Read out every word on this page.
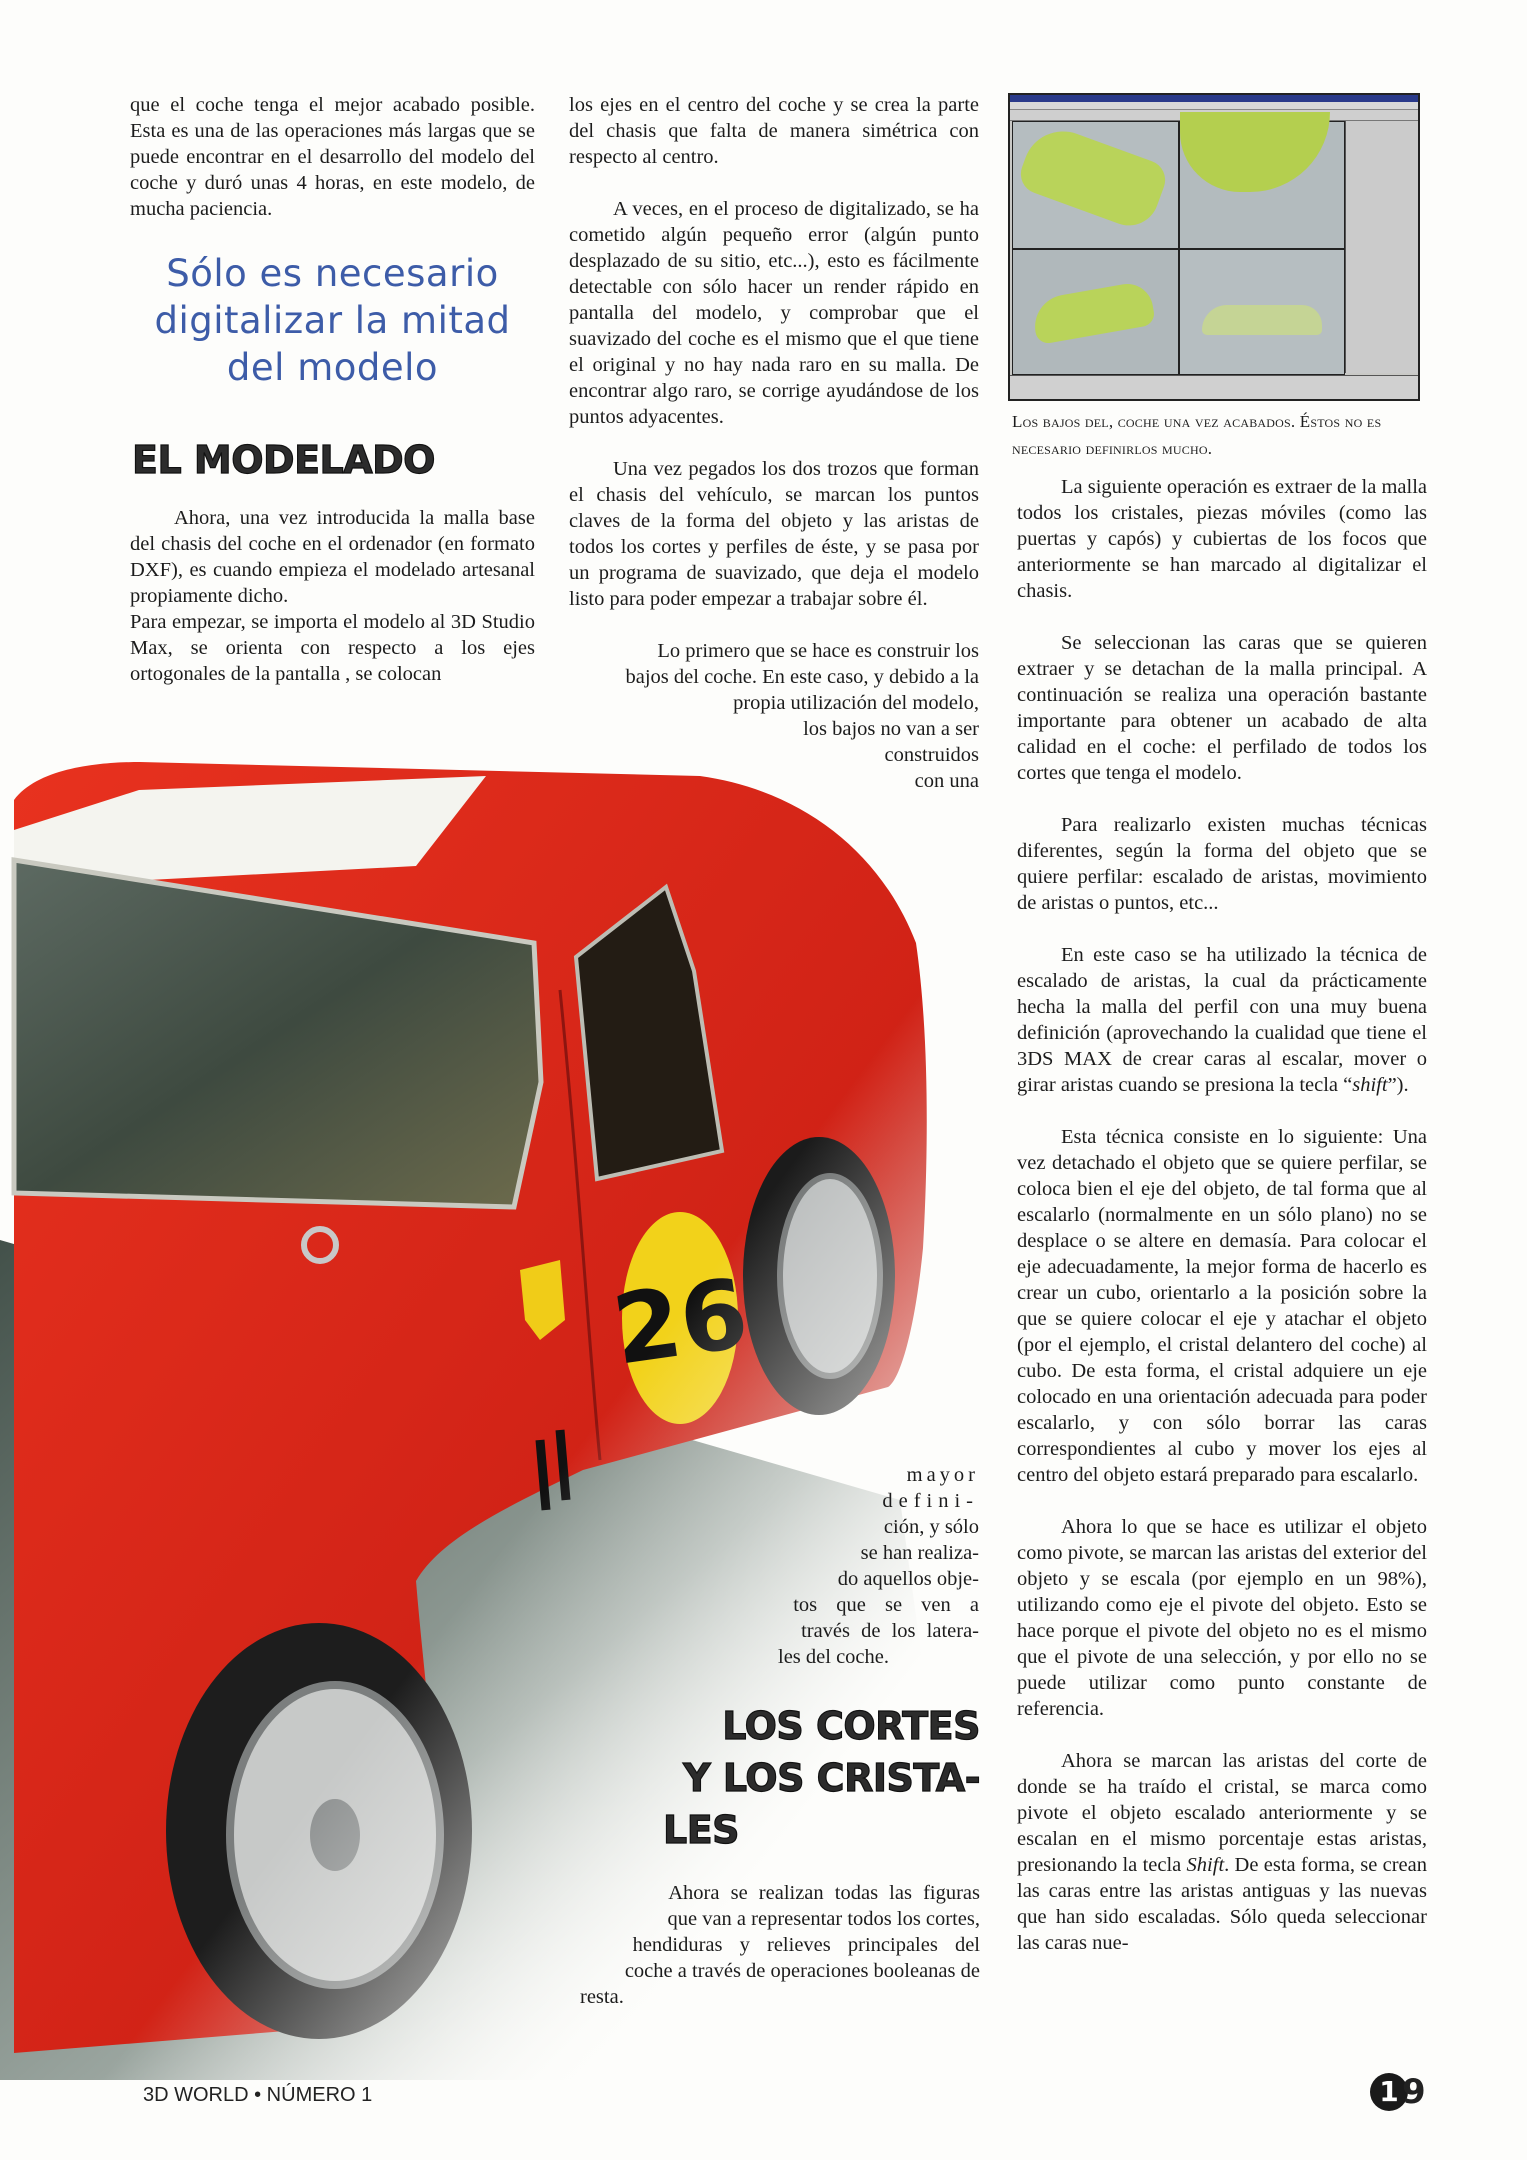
que el coche tenga el mejor acabado posible. Esta es una de las operaciones más largas que se puede encontrar en el desarrollo del modelo del coche y duró unas 4 horas, en este modelo, de mucha paciencia.

Sólo es necesario
digitalizar la mitad
del modelo
EL MODELADO

Ahora, una vez introducida la malla base del chasis del coche en el ordenador (en formato DXF), es cuando empieza el modelado artesanal propiamente dicho.

Para empezar, se importa el modelo al 3D Studio Max, se orienta con respecto a los ejes ortogonales de la pantalla , se colocan

los ejes en el centro del coche y se crea la parte del chasis que falta de manera simétrica con respecto al centro.

A veces, en el proceso de digitalizado, se ha cometido algún pequeño error (algún punto desplazado de su sitio, etc...), esto es fácilmente detectable con sólo hacer un render rápido en pantalla del modelo, y comprobar que el suavizado del coche es el mismo que el que tiene el original y no hay nada raro en su malla. De encontrar algo raro, se corrige ayudándose de los puntos adyacentes.

Una vez pegados los dos trozos que forman el chasis del vehículo, se marcan los puntos claves de la forma del objeto y las aristas de todos los cortes y perfiles de éste, y se pasa por un programa de suavizado, que deja el modelo listo para poder empezar a trabajar sobre él.

Lo primero que se hace es construir los
bajos del coche. En este caso, y debido a la
propia utilización del modelo,
los bajos no van a ser
construidos
con una
mayor
defini-
ción, y sólo
se han realiza-
do aquellos obje-
tos que se ven a
través de los latera-
les del coche.
LOS CORTES
Y LOS CRISTA-
LES
Ahora se realizan todas las figuras
que van a representar todos los cortes,
hendiduras y relieves principales del
coche a través de operaciones booleanas de
resta.
Los bajos del, coche una vez acabados. Éstos no es necesario definirlos mucho.

La siguiente operación es extraer de la malla todos los cristales, piezas móviles (como las puertas y capós) y cubiertas de los focos que anteriormente se han marcado al digitalizar el chasis.

Se seleccionan las caras que se quieren extraer y se detachan de la malla principal. A continuación se realiza una operación bastante importante para obtener un acabado de alta calidad en el coche: el perfilado de todos los cortes que tenga el modelo.

Para realizarlo existen muchas técnicas diferentes, según la forma del objeto que se quiere perfilar: escalado de aristas, movimiento de aristas o puntos, etc...

En este caso se ha utilizado la técnica de escalado de aristas, la cual da prácticamente hecha la malla del perfil con una muy buena definición (aprovechando la cualidad que tiene el 3DS MAX de crear caras al escalar, mover o girar aristas cuando se presiona la tecla “shift”).

Esta técnica consiste en lo siguiente: Una vez detachado el objeto que se quiere perfilar, se coloca bien el eje del objeto, de tal forma que al escalarlo (normalmente en un sólo plano) no se desplace o se altere en demasía. Para colocar el eje adecuadamente, la mejor forma de hacerlo es crear un cubo, orientarlo a la posición sobre la que se quiere colocar el eje y atachar el objeto (por el ejemplo, el cristal delantero del coche) al cubo. De esta forma, el cristal adquiere un eje colocado en una orientación adecuada para poder escalarlo, y con sólo borrar las caras correspondientes al cubo y mover los ejes al centro del objeto estará preparado para escalarlo.

Ahora lo que se hace es utilizar el objeto como pivote, se marcan las aristas del exterior del objeto y se escala (por ejemplo en un 98%), utilizando como eje el pivote del objeto. Esto se hace porque el pivote del objeto no es el mismo que el pivote de una selección, y por ello no se puede utilizar como punto constante de referencia.

Ahora se marcan las aristas del corte de donde se ha traído el cristal, se marca como pivote el objeto escalado anteriormente y se escalan en el mismo porcentaje estas aristas, presionando la tecla Shift. De esta forma, se crean las caras entre las aristas antiguas y las nuevas que han sido escaladas. Sólo queda seleccionar las caras nue-

3D WORLD • NÚMERO 1	19
